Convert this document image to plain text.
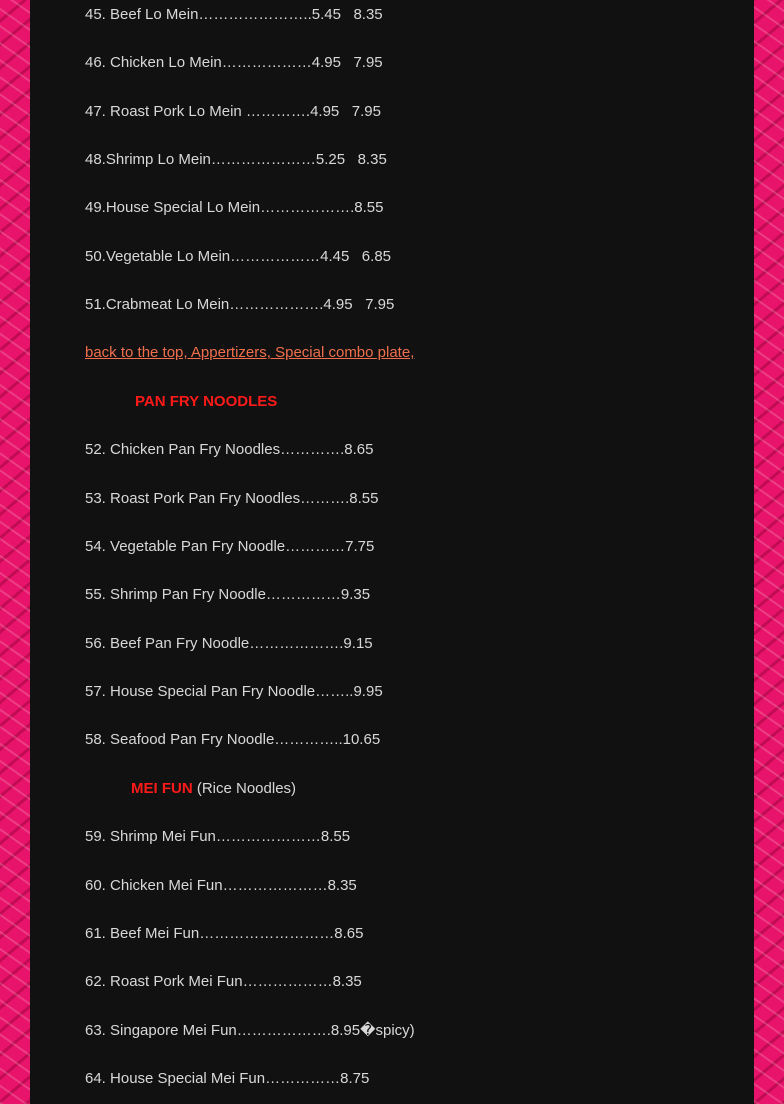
45. Beef Lo Mein…………………..5.45   8.35
46. Chicken Lo Mein………………4.95   7.95
47. Roast Pork Lo Mein ………….4.95   7.95
48.Shrimp Lo Mein…………………5.25   8.35
49.House Special Lo Mein……………….8.55
50.Vegetable Lo Mein………………4.45   6.85
51.Crabmeat Lo Mein……………….4.95   7.95
back to the top, Appertizers, Special combo plate,
PAN FRY NOODLES
52. Chicken Pan Fry Noodles………….8.65
53. Roast Pork Pan Fry Noodles……….8.55
54. Vegetable Pan Fry Noodle…………7.75
55. Shrimp Pan Fry Noodle……………9.35
56. Beef Pan Fry Noodle……………….9.15
57. House Special Pan Fry Noodle……..9.95
58. Seafood Pan Fry Noodle…………..10.65
MEI FUN (Rice Noodles)
59. Shrimp Mei Fun…………………8.55
60. Chicken Mei Fun…………………8.35
61. Beef Mei Fun………………………8.65
62. Roast Pork Mei Fun………………8.35
63. Singapore Mei Fun……………….8.95�spicy)
64. House Special Mei Fun……………8.75
